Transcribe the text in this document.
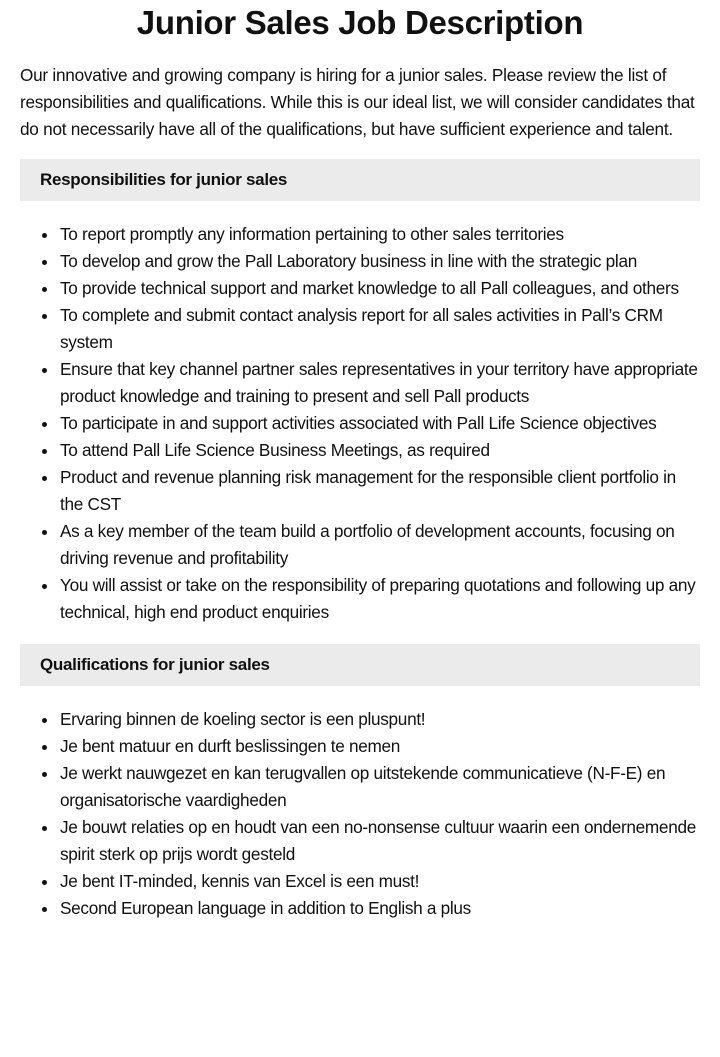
Junior Sales Job Description

Our innovative and growing company is hiring for a junior sales. Please review the list of responsibilities and qualifications. While this is our ideal list, we will consider candidates that do not necessarily have all of the qualifications, but have sufficient experience and talent.

Responsibilities for junior sales
To report promptly any information pertaining to other sales territories
To develop and grow the Pall Laboratory business in line with the strategic plan
To provide technical support and market knowledge to all Pall colleagues, and others
To complete and submit contact analysis report for all sales activities in Pall’s CRM system
Ensure that key channel partner sales representatives in your territory have appropriate product knowledge and training to present and sell Pall products
To participate in and support activities associated with Pall Life Science objectives
To attend Pall Life Science Business Meetings, as required
Product and revenue planning risk management for the responsible client portfolio in the CST
As a key member of the team build a portfolio of development accounts, focusing on driving revenue and profitability
You will assist or take on the responsibility of preparing quotations and following up any technical, high end product enquiries
Qualifications for junior sales
Ervaring binnen de koeling sector is een pluspunt!
Je bent matuur en durft beslissingen te nemen
Je werkt nauwgezet en kan terugvallen op uitstekende communicatieve (N-F-E) en organisatorische vaardigheden
Je bouwt relaties op en houdt van een no-nonsense cultuur waarin een ondernemende spirit sterk op prijs wordt gesteld
Je bent IT-minded, kennis van Excel is een must!
Second European language in addition to English a plus
